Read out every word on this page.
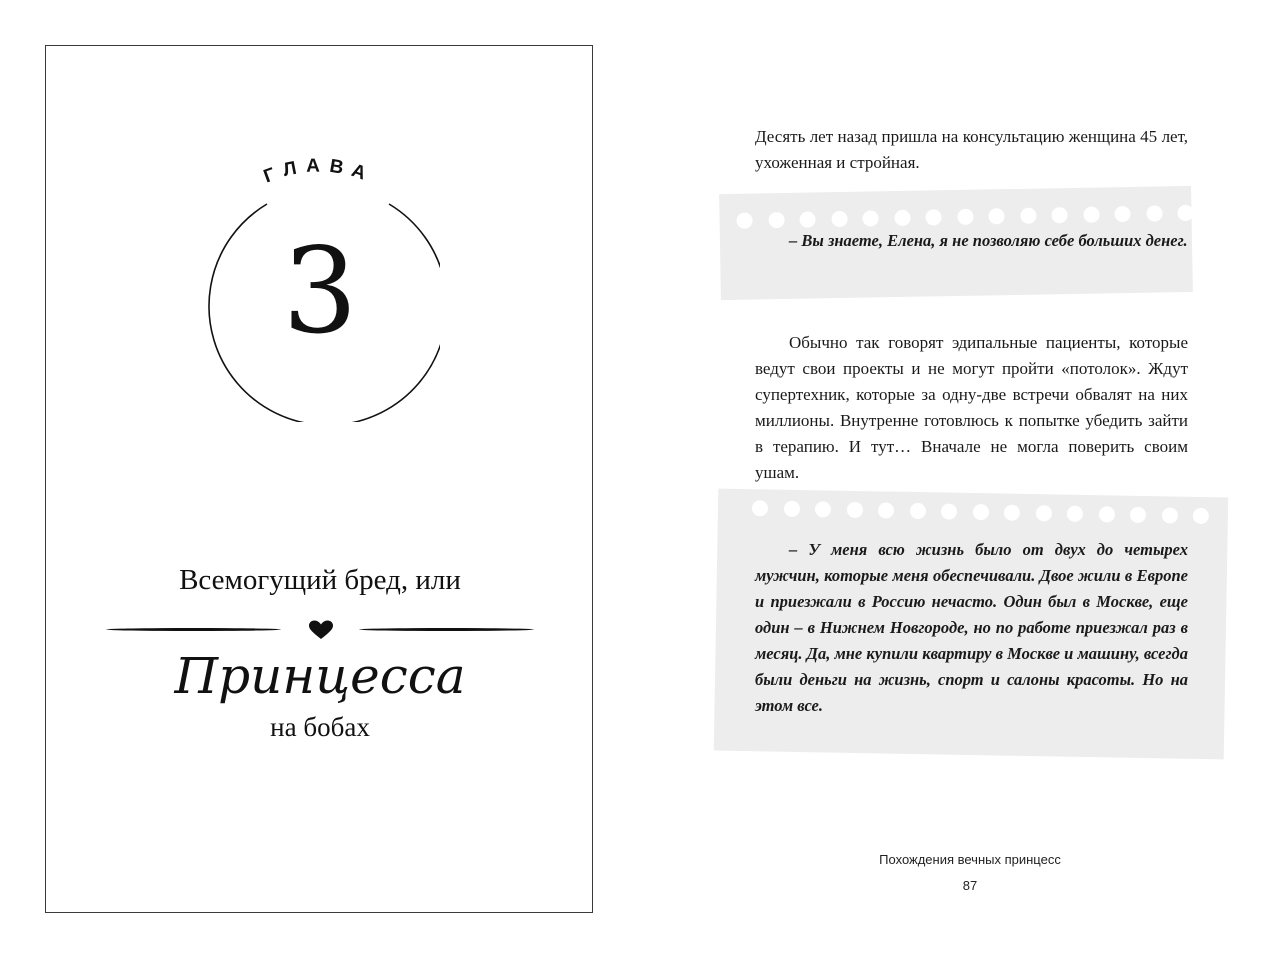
ГЛАВА
3
Всемогущий бред, или
Принцесса
на бобах

Десять лет назад пришла на консультацию женщина 45 лет, ухоженная и стройная.

– Вы знаете, Елена, я не позволяю себе больших денег.

Обычно так говорят эдипальные пациенты, которые ведут свои проекты и не могут пройти «потолок». Ждут супертехник, которые за одну-две встречи обвалят на них миллионы. Внутренне готовлюсь к попытке убедить зайти в терапию. И тут… Вначале не могла поверить своим ушам.

– У меня всю жизнь было от двух до четырех мужчин, которые меня обеспечивали. Двое жили в Европе и приезжали в Россию нечасто. Один был в Москве, еще один – в Нижнем Новгороде, но по работе приезжал раз в месяц. Да, мне купили квартиру в Москве и машину, всегда были деньги на жизнь, спорт и салоны красоты. Но на этом все.

Похождения вечных принцесс
87
